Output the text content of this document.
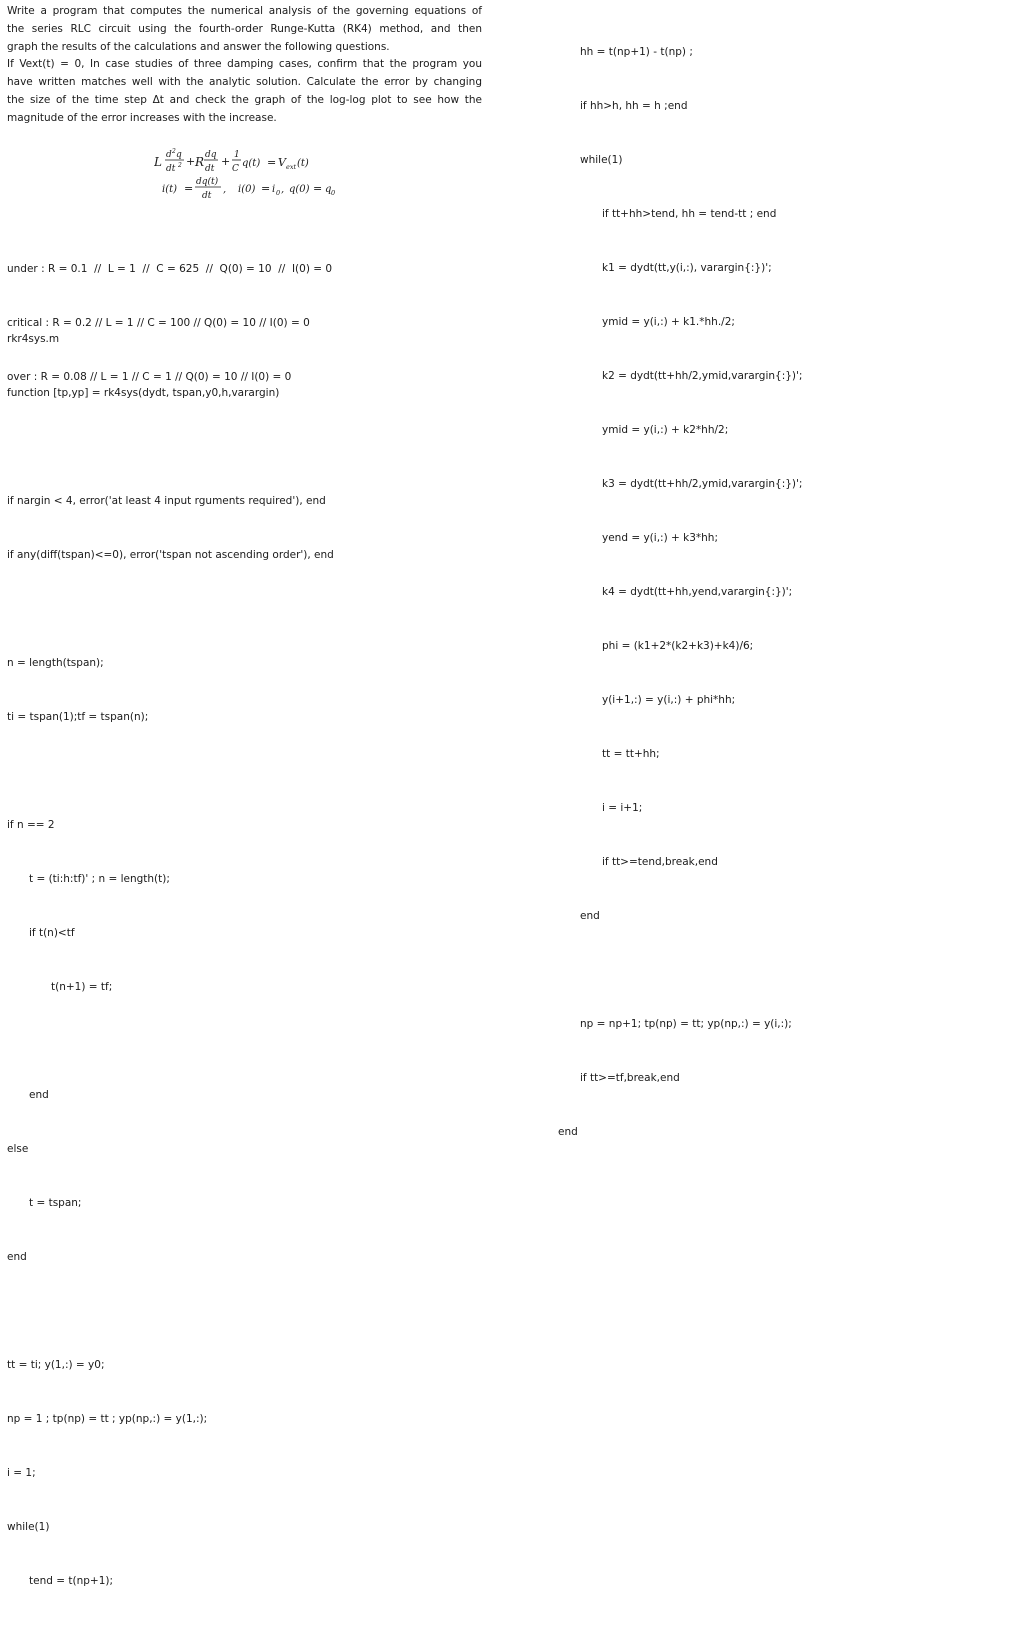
Write a program that computes the numerical analysis of the governing equations of
the series RLC circuit using the fourth-order Runge-Kutta (RK4) method, and then
graph the results of the calculations and answer the following questions.
If Vext(t) = 0, In case studies of three damping cases, confirm that the program you
have written matches well with the analytic solution. Calculate the error by changing
the size of the time step Δt and check the graph of the log-log plot to see how the
magnitude of the error increases with the increase.

L d 2 q
dt 2 + R dq
dt
+ 1
C q(t) = V ext (t)
i(t) = dq(t)
dt
, i(0) = i 0 , q(0) = q 0

under : R = 0.1  //  L = 1  //  C = 625  //  Q(0) = 10  //  I(0) = 0

critical : R = 0.2 // L = 1 // C = 100 // Q(0) = 10 // I(0) = 0

over : R = 0.08 // L = 1 // C = 1 // Q(0) = 10 // I(0) = 0

rkr4sys.m

function [tp,yp] = rk4sys(dydt, tspan,y0,h,varargin)

if nargin < 4, error('at least 4 input rguments required'), end

if any(diff(tspan)<=0), error('tspan not ascending order'), end

n = length(tspan);

ti = tspan(1);tf = tspan(n);

if n == 2

t = (ti:h:tf)' ; n = length(t);

if t(n)<tf

t(n+1) = tf;

end

else

t = tspan;

end

tt = ti; y(1,:) = y0;

np = 1 ; tp(np) = tt ; yp(np,:) = y(1,:);

i = 1;

while(1)

tend = t(np+1);

hh = t(np+1) - t(np) ;

if hh>h, hh = h ;end

while(1)

if tt+hh>tend, hh = tend-tt ; end

k1 = dydt(tt,y(i,:), varargin{:})';

ymid = y(i,:) + k1.*hh./2;

k2 = dydt(tt+hh/2,ymid,varargin{:})';

ymid = y(i,:) + k2*hh/2;

k3 = dydt(tt+hh/2,ymid,varargin{:})';

yend = y(i,:) + k3*hh;

k4 = dydt(tt+hh,yend,varargin{:})';

phi = (k1+2*(k2+k3)+k4)/6;

y(i+1,:) = y(i,:) + phi*hh;

tt = tt+hh;

i = i+1;

if tt>=tend,break,end

end

np = np+1; tp(np) = tt; yp(np,:) = y(i,:);

if tt>=tf,break,end

end
